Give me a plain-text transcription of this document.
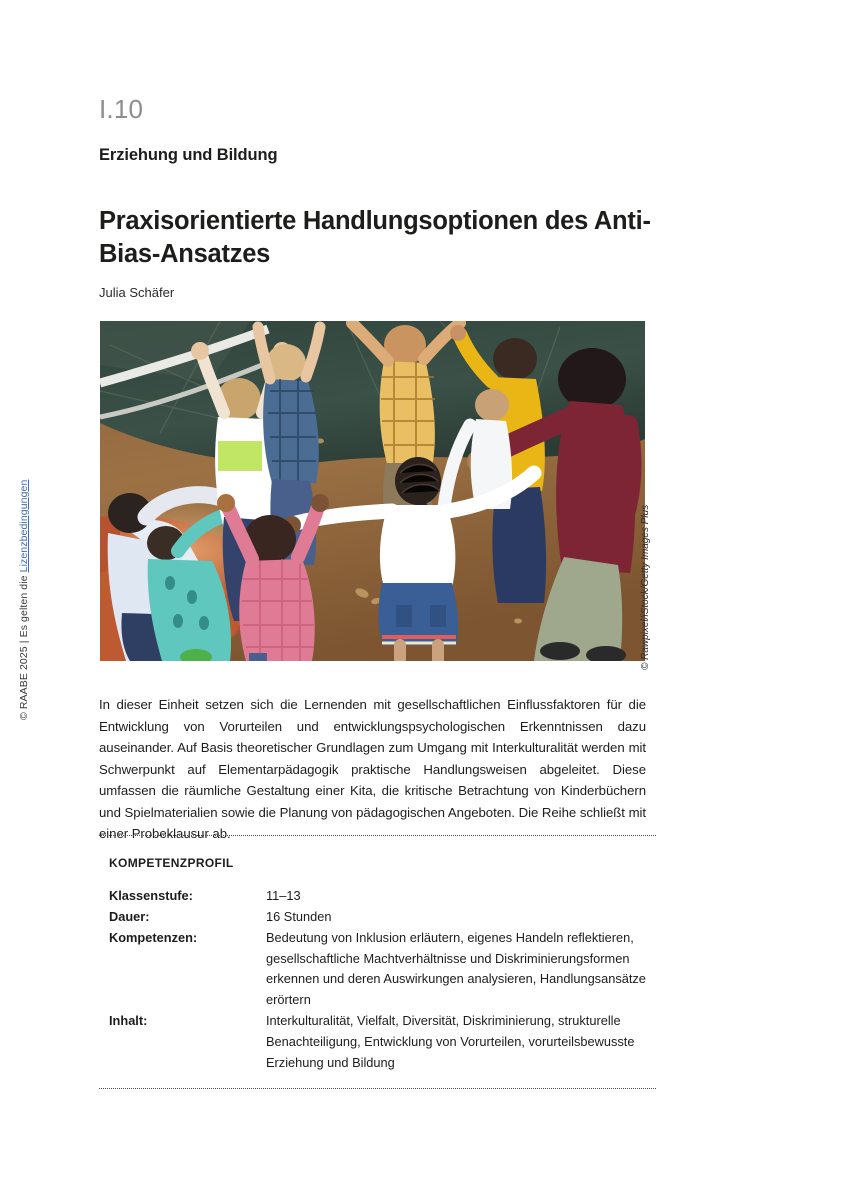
© RAABE 2025 | Es gelten die Lizenzbedingungen
I.10
Erziehung und Bildung
Praxisorientierte Handlungsoptionen des Anti-Bias-Ansatzes
Julia Schäfer
© Rawpixel/iStock/Getty Images Plus

In dieser Einheit setzen sich die Lernenden mit gesellschaftlichen Einflussfaktoren für die Entwicklung von Vorurteilen und entwicklungspsychologischen Erkenntnissen dazu auseinander. Auf Basis theoretischer Grundlagen zum Umgang mit Interkulturalität werden mit Schwerpunkt auf Elementarpädagogik praktische Handlungsweisen abgeleitet. Diese umfassen die räumliche Gestaltung einer Kita, die kritische Betrachtung von Kinderbüchern und Spielmaterialien sowie die Planung von pädagogischen Angeboten. Die Reihe schließt mit einer Probeklausur ab.

KOMPETENZPROFIL
Klassenstufe:	11–13
Dauer:	16 Stunden
Kompetenzen:	Bedeutung von Inklusion erläutern, eigenes Handeln reflektieren, gesellschaftliche Machtverhältnisse und Diskriminierungsformen erkennen und deren Auswirkungen analysieren, Handlungsansätze erörtern
Inhalt:	Interkulturalität, Vielfalt, Diversität, Diskriminierung, strukturelle Benachteiligung, Entwicklung von Vorurteilen, vorurteilsbewusste Erziehung und Bildung
